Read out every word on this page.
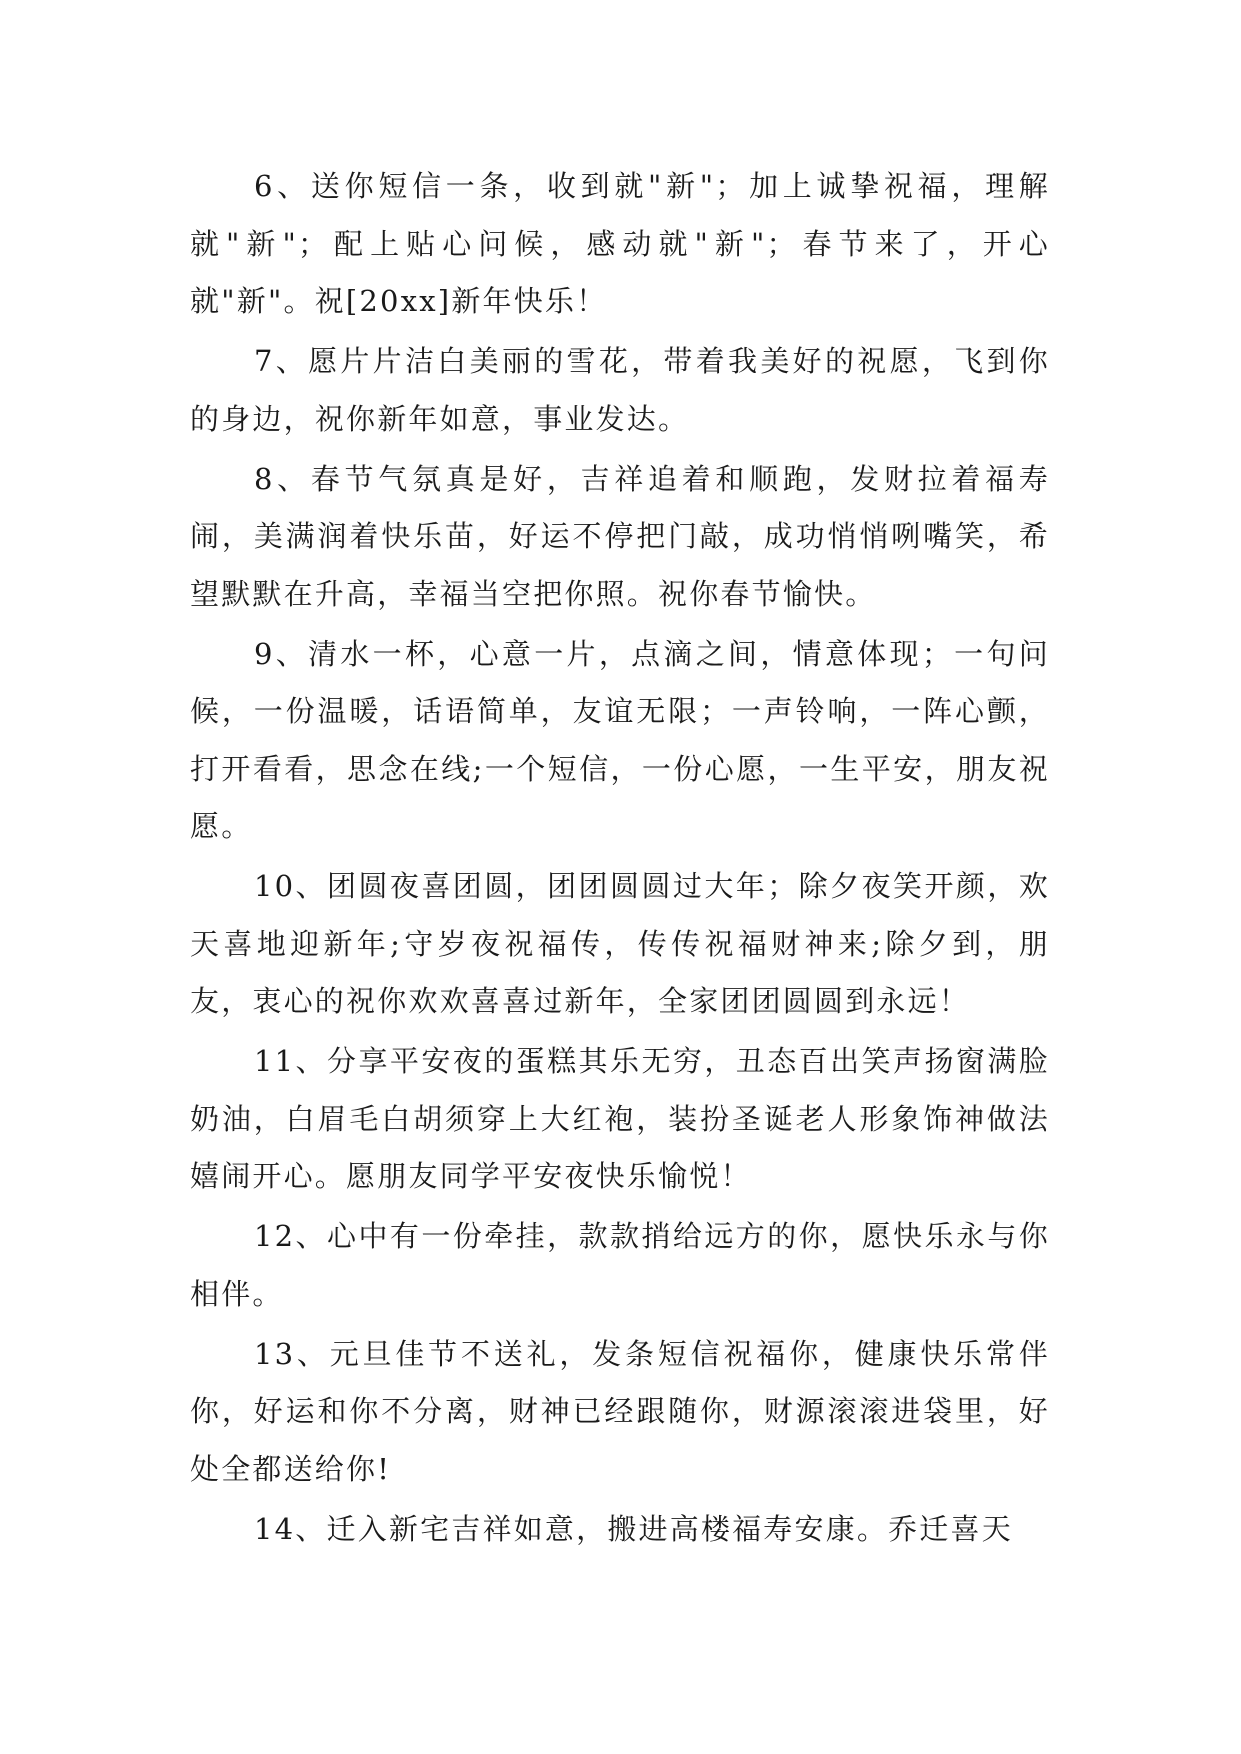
6、送你短信一条，收到就"新"；加上诚挚祝福，理解就"新"；配上贴心问候，感动就"新"；春节来了，开心就"新"。祝[20xx]新年快乐！

7、愿片片洁白美丽的雪花，带着我美好的祝愿，飞到你的身边，祝你新年如意，事业发达。

8、春节气氛真是好，吉祥追着和顺跑，发财拉着福寿闹，美满润着快乐苗，好运不停把门敲，成功悄悄咧嘴笑，希望默默在升高，幸福当空把你照。祝你春节愉快。

9、清水一杯，心意一片，点滴之间，情意体现；一句问候，一份温暖，话语简单，友谊无限；一声铃响，一阵心颤，打开看看，思念在线;一个短信，一份心愿，一生平安，朋友祝愿。

10、团圆夜喜团圆，团团圆圆过大年；除夕夜笑开颜，欢天喜地迎新年;守岁夜祝福传，传传祝福财神来;除夕到，朋友，衷心的祝你欢欢喜喜过新年，全家团团圆圆到永远！

11、分享平安夜的蛋糕其乐无穷，丑态百出笑声扬窗满脸奶油，白眉毛白胡须穿上大红袍，装扮圣诞老人形象饰神做法嬉闹开心。愿朋友同学平安夜快乐愉悦！

12、心中有一份牵挂，款款捎给远方的你，愿快乐永与你相伴。

13、元旦佳节不送礼，发条短信祝福你，健康快乐常伴你，好运和你不分离，财神已经跟随你，财源滚滚进袋里，好处全都送给你!

14、迁入新宅吉祥如意，搬进高楼福寿安康。乔迁喜天
